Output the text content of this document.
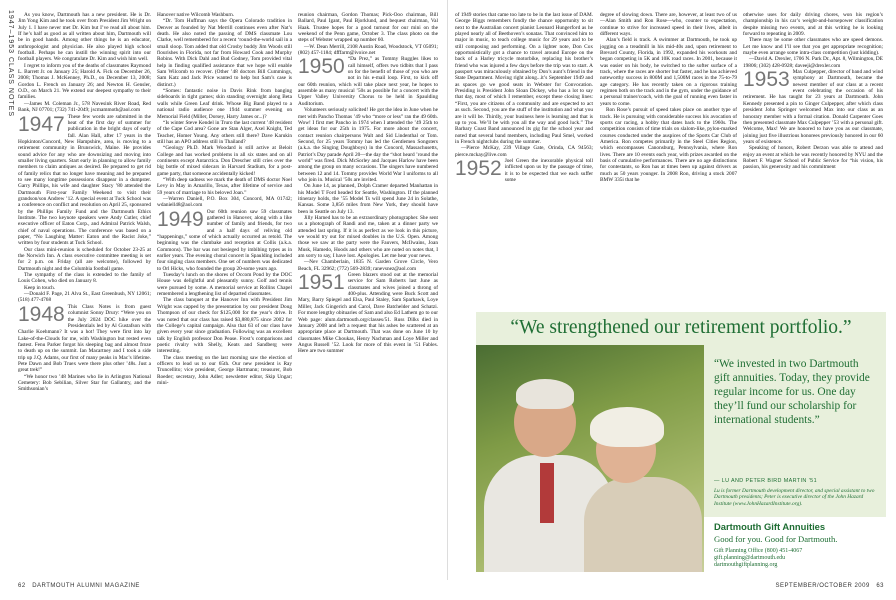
1947–1953 CLASS NOTES	As you know, Dartmouth has a new president. He is Dr. Jim Yong Kim and he took over from President Jim Wright on July 1. I have never met Dr. Kim but I’ve read all about him. If he’s half as good as all written about him, Dartmouth will be in good hands. Among other things he is an educator, anthropologist and physician. He also played high school football. Perhaps he can instill the winning spirit into our football players. We congratulate Dr. Kim and wish him well.

I regret to inform you of the deaths of classmates Raymond L. Barrett Jr. on January 25; Harold A. Fick on December 26, 2008; Thomas J. McKenney, Ph.D., on December 13, 2008; Gordon L. French on January 26; and Newton H. Gensler, O.D., on March 21. We extend our deepest sympathy to their families.

—James M. Coleman Jr., 578 Navesink River Road, Red Bank, NJ 07701; (732) 741-2049; jscmammoth@aol.com

1947 These few words are submitted in the heat of the first day of summer for publication in the bright days of early fall. Alan Hall, after 17 years in the Hopkinton/Concord, New Hampshire, area, is moving to a retirement community in Brunswick, Maine. He provides sound advice for any who are downsizing and moving into smaller living quarters. Start early in planning to allow family members to claim antiques as desired. Be prepared to get rid of family relics that no longer have meaning and be prepared to see many longtime possessions disappear in a dumpster. Garry Phillips, his wife and daughter Stacy ’80 attended the Dartmouth First-year Family Weekend to visit their grandson/son Andrew ’12. A special event at Tuck School was a conference on conflict and resolution on April 25, sponsored by the Phillips Family Fund and the Dartmouth Ethics Institute. The two keynote speakers were Andy Cutler, chief executive officer of Eaton Corp., and Admiral Patrick Walsh, chief of naval operations. The conference was based on a paper, “No Laughing Matter: Eaton and the Racist Joke,” written by four students at Tuck School.

Our class mini-reunion is scheduled for October 23-25 at the Norwich Inn. A class executive committee meeting is set for 2 p.m. on Friday (all are welcome), followed by Dartmouth night and the Columbia football game.

The sympathy of the class is extended to the family of Louis Cohen, who died on January 8.

Keep in touch.

—Donald F. Page, 21 Alva St., East Greenbush, NY 12061; (518) 477-4768

1948 This Class Notes is from guest columnist Sonny Drury: “Were you on the July 2024 DOC hike over the Presidentials led by Al Gustafson with Charlie Koehmann? It was a hot! They were first into lay Lake-of-the-Clouds for me, with Washington but rested even fastest. Fenu Parker forgot his sleeping bag and almost froze to death up on the summit. Ian Macartney and I took a side trip up J.Q. Adams, our first of many peaks in Mac’s lifetime. Pete Dawn and Bob Truex were there plus other ’48s. Just a great trek!”

“We honor two ’48 Marines who lie in Arlington National Cemetery: Bob Sebilian, Silver Star for Gallantry, and the Smithsonian’s

Hanover native Wilcomb Washburn.

“Dr. Tom Huffman says the Opera Colorado tradition in Denver as founded by Nat Merrill continues even after Nat’s death. He also noted the passing of DMS classmate Lou Clarke, well remembered for a recent ‘round-the-world sail in a small sloop. Tom added that old Crosby buddy Jim Woods still flourishes in Florida, not far from Howard Cook and Murphy Robins. With Dick Dahl and Bud Godney, Tom provided vital help in finding qualified assistance that we hope will enable Sam Wilcomb to recover. (Other ’48 doctors Bill Cummings, Sam Katz and Jack Price wanted to help but Sam’s case is distinct.)

“Somes: fantastic noise in Davis Rink from banging sideboards in tight games; skin standing overnight along Beta walls while Green Leaf drink. Whose Big Band played to a national radio audience one 1944 summer evening on Memorial Field (Miller, Dorsey, Harry James or...)?

“Is winter Steve Kendel in Truro the last current ’48 resident of the Cape Cod area? Gone are Stan Alger, Axel Knight, Ted Teacher, Homer Young. Any others still there? Dave Karukin still has an APO address still in Thailand?

“Geology Ph.D. Mark Woodard is still active at Beloit College and has worked problems in all six states and on all continents except Antarctica. Don Drescher still cries over the big bottle of mixed sidecars in Harvard Stadium, for a post-game party, that someone accidentally kicked!

“With deep sadness we mark the death of DMS doctor Noel Levy in May in Amarillo, Texas, after lifetime of service and 59 years of marriage to his beloved Joan.”

—Warren Daniell, P.O. Box 304, Concord, MA 01742; wdaniell48@aol.com

1949 Our 60th reunion saw 59 classmates gathered in Hanover, along with a like number of family and friends, for two and a half days of reliving old “happenings,” some of which actually occurred as retold. The beginning was the clambake and reception at Collis (a.k.a. Commons). The bar was not besieged by imbibing types as in earlier years. The evening choral concert in Spaulding included four singing class members. One set of numbers was dedicated to Orl Hicks, who founded the group 20-some years ago.

Tuesday’s lunch on the shores of Occom Pond by the DOC House was delightful and pleasantly sunny. Golf and tennis were pursued by some. A memorial service at Rollins Chapel remembered a lengthening list of departed classmates.

The class banquet at the Hanover Inn with President Jim Wright was capped by the presentation by our president Doug Thompson of our check for $125,000 for the year’s drive. It was noted that our class has raised $3,880,875 since 2002 for the College’s capital campaign. Also that 63 of our class have given every year since graduation. Following was an excellent talk by English professor Don Pease. Frost’s comparisons and poetic rivalry with Shelly, Keats and Sandberg were interesting.

The class meeting on the last morning saw the election of officers to lead us to our 65th. Our new president is Ray Truncellito; vice president, George Hartmann; treasurer, Bob Roeder; secretary, John Adler; newsletter editor, Skip Ungar; mini-

reunion chairman, Gordon Thomas; Pick-Ooo chairman, Bill Ballard, Paul Igant, Paul Bjorklund, and bequest chairman, Val Haak. Trustee hopes for a good turnout for our mini on the weekend of the Penn game, October 3. The class photo on the steps of Webster wrapped up number 60.

—W. Dean Merrill, 2108 Austin Road, Woodstock, VT 05091; (802) 457-1184; dfffarm@ivoice.net

1950 “Da Prez,” as Tommy Ruggles likes to call himself, offers two tidbits that I pass on for the benefit of those of you who are not in his e-mail loop. First, to kick off our 60th reunion, which will take place next year, he hopes to assemble as many musical ’50s as possible for a concert with the Upper Valley University Chorus to be held in Spaulding Auditorium.

Volunteers seriously solicited! He got the idea in June when he met with Pancho Thomas ’49 who “more or less” ran the 49 60th. Wow! I first met Pancho in 1974 when I attended the ’49 25th to get ideas for our 25th in 1975. For more about the concert, contact reunion chairpersons Walt and Sid Lindenthal or Tom. Second, for 25 years Tommy has led the Gentlemen Songsters (a.k.a. the Singing Doughboys) in the Concord, Massachusetts, Patriot’s Day parade April 20—the day the “shot heard ’round the world” was fired. Dick McSorley and Jacques Harlow have been among the group on many occasions. The singers have numbered between 12 and 14. Tommy provides World War I uniforms to all who join in. Musical ’50s are invited.

On June 14, as planned, Dolph Cramer departed Manhattan in his Model T Ford headed for Seattle, Washington. If the planned itinerary holds, the ’55 Model Ts will spend June 24 in Solathe, Kansas. Some 3,856 miles from New York, they should have been in Seattle on July 13.

Jilly Harned has to be an extraordinary photographer. She sent us a photograph of Randi and me, taken at a dinner party we attended last spring. If it is as perfect as we look in this picture, we would try out for mixed doubles in the U.S. Open. Among those we saw at the party were the Fauvers, McIlwains, Joan Musk, Hamedo, Hoods and others who are noted on notes that, I am sorry to say, I have lost. Apologies. Let me hear your news.

—Nev Chamberlain, 1835 N. Garden Grove Circle, Vero Beach, FL 32962; (772) 569-2839; ranevsnez@aol.com

1951 Green blazers stood out at the memorial service for Sam Roberts last June as classmates and wives joined a throng of 400-plus. Attending were Buck Scott and Mary, Barry Spiegel and Elsa, Paul Staley, Sam Sparhawk, Loye Miller, Jack Gingerich and Carol, Dave Batchelder and Schatzi. For more lengthy obituaries of Sam and also Ed Lathem go to our Web page: alum.dartmouth.org/classes/51. Russ Dilks died in January 2008 and left a request that his ashes be scattered at an appropriate place at Dartmouth. That was done on June 10 by classmates Mike Choukas, Henry Nachman and Loye Miller and Angus Russell ’52. Look for more of this event in ’51 Fables. Here are two summer

of 1949 stories that came too late to be in the last issue of DAM. George Biggs remembers fondly the chance opportunity to sit next to the Australian concert pianist Leonard Hungerford as he played nearly all of Beethoven’s sonatas. That convinced him to major in music, to teach college music for 29 years and to be still composing and performing. On a lighter note, Don Cox opportunistically got a chance to travel around Europe on the back of a Harley tricycle motorbike, replacing his brother’s friend who was injured a few days before the trip was to start. A passport was miraculously obtained by Don’s aunt’s friend in the State Department. Moving right along...it’s September 1949 and as spaces go we good seats in Webster for Convocation. Presiding is President John Sloan Dickey, who has a lot to say that day, most of which I remember, except these closing lines: “First, you are citizens of a community and are expected to act as such. Second, you are the stuff of the institution and what you are it will be. Thirdly, your business here is learning and that is up to you. We’ll be with you all the way and good luck.” The Barbary Coast Band announced its gig for the school year and noted that several band members, including Paul Smel, worked in French nightclubs during the summer.

—Pierce McKay, 239 Village Gate, Orinda, CA 94563; pierce.mckay@live.com

1952 Joel Green the inexorable physical toll inflicted upon us by the passage of time, it is to be expected that we each suffer some

degree of slowing down. There are, however, at least two of us—Alan Smith and Ron Rose—who, counter to expectation, continue to strive for increased speed in their lives, albeit in different ways.

Alan’s field is track. A swimmer at Dartmouth, he took up jogging on a treadmill in his mid-40s and, upon retirement to Brevard County, Florida, in 1992, expanded his workouts and began competing in 5K and 10K road races. In 2001, because it was easier on his body, he switched to the softer surface of a track, where the races are shorter but faster, and he has achieved noteworthy success in 800M and 1,500M races in the 75-to-79 age category. He has recently taken on a rigorous training regimen both on the track and in the gym, under the guidance of a personal trainer/coach, with the goal of running even faster in years to come.

Ron Rose’s pursuit of speed takes place on another type of track. He is pursuing with considerable success his avocation of sports car racing, a hobby that dates back to the 1960s. The competition consists of time trials on slalom-like, pylon-marked courses conducted under the auspices of the Sports Car Club of America. Ron competes primarily in the Steel Cities Region, which encompasses Canonsburg, Pennsylvania, where Ron lives. There are 10 events each year, with prizes awarded on the basis of cumulative performances. There are no age distinctions for contestants, so Ron has at times been up against drivers as much as 50 years younger. In 2008 Ron, driving a stock 2007 BMW 335i that he

otherwise uses for daily driving chores, won his region’s championship in his car’s weight-and-horsepower classification despite missing two events, and at this writing he is looking forward to repeating in 2009.

There may be some other classmates who are speed demons. Let me know and I’ll see that you get appropriate recognition; maybe even arrange some intra-class competition (just kidding).

—David A. Drexler, 1706 N. Park Dr., Apt. 8, Wilmington, DE 19806; (302) 428-0928; daveeji@drexler.com

1953 Max Culpepper, director of band and wind symphony at Dartmouth, became the newest member of our class at a recent event celebrating the occasion of his retirement. He has taught for 23 years at Dartmouth. John Kennedy presented a pin to Ginger Culpepper, after which class president John Springer welcomed Max into our class as an honorary member with a formal citation. Donald Carpenter Goes then presented classmate Max Culpepper ’53 with a personal gift. Welcome, Max! We are honored to have you as our classmate, joining just five illustrious honorees previously honored in our 60 years of existence.

Speaking of honors, Robert Derzon was able to attend and enjoy an event at which he was recently honored by NYU and the Robert F. Wagner School of Public Service for “his vision, his passion, his generosity and his commitment

“We strengthened our retirement portfolio.”
“We invested in two Dartmouth gift annuities. Today, they provide regular income for us. One day they’ll fund our scholarship for international students.”
— LU AND PETER BIRD MARTIN ’51
Lu is former Dartmouth development director, and special assistant to two Dartmouth presidents; Peter is executive director of the John Hazard Institute (www.JohnHazardInstitute.org).
Dartmouth Gift Annuities
Good for you. Good for Dartmouth.
Gift Planning Office (800) 451-4067
gift.planning@dartmouth.edu
dartmouthgiftplanning.org
62 DARTMOUTH ALUMNI MAGAZINE	SEPTEMBER/OCTOBER 2009 63
